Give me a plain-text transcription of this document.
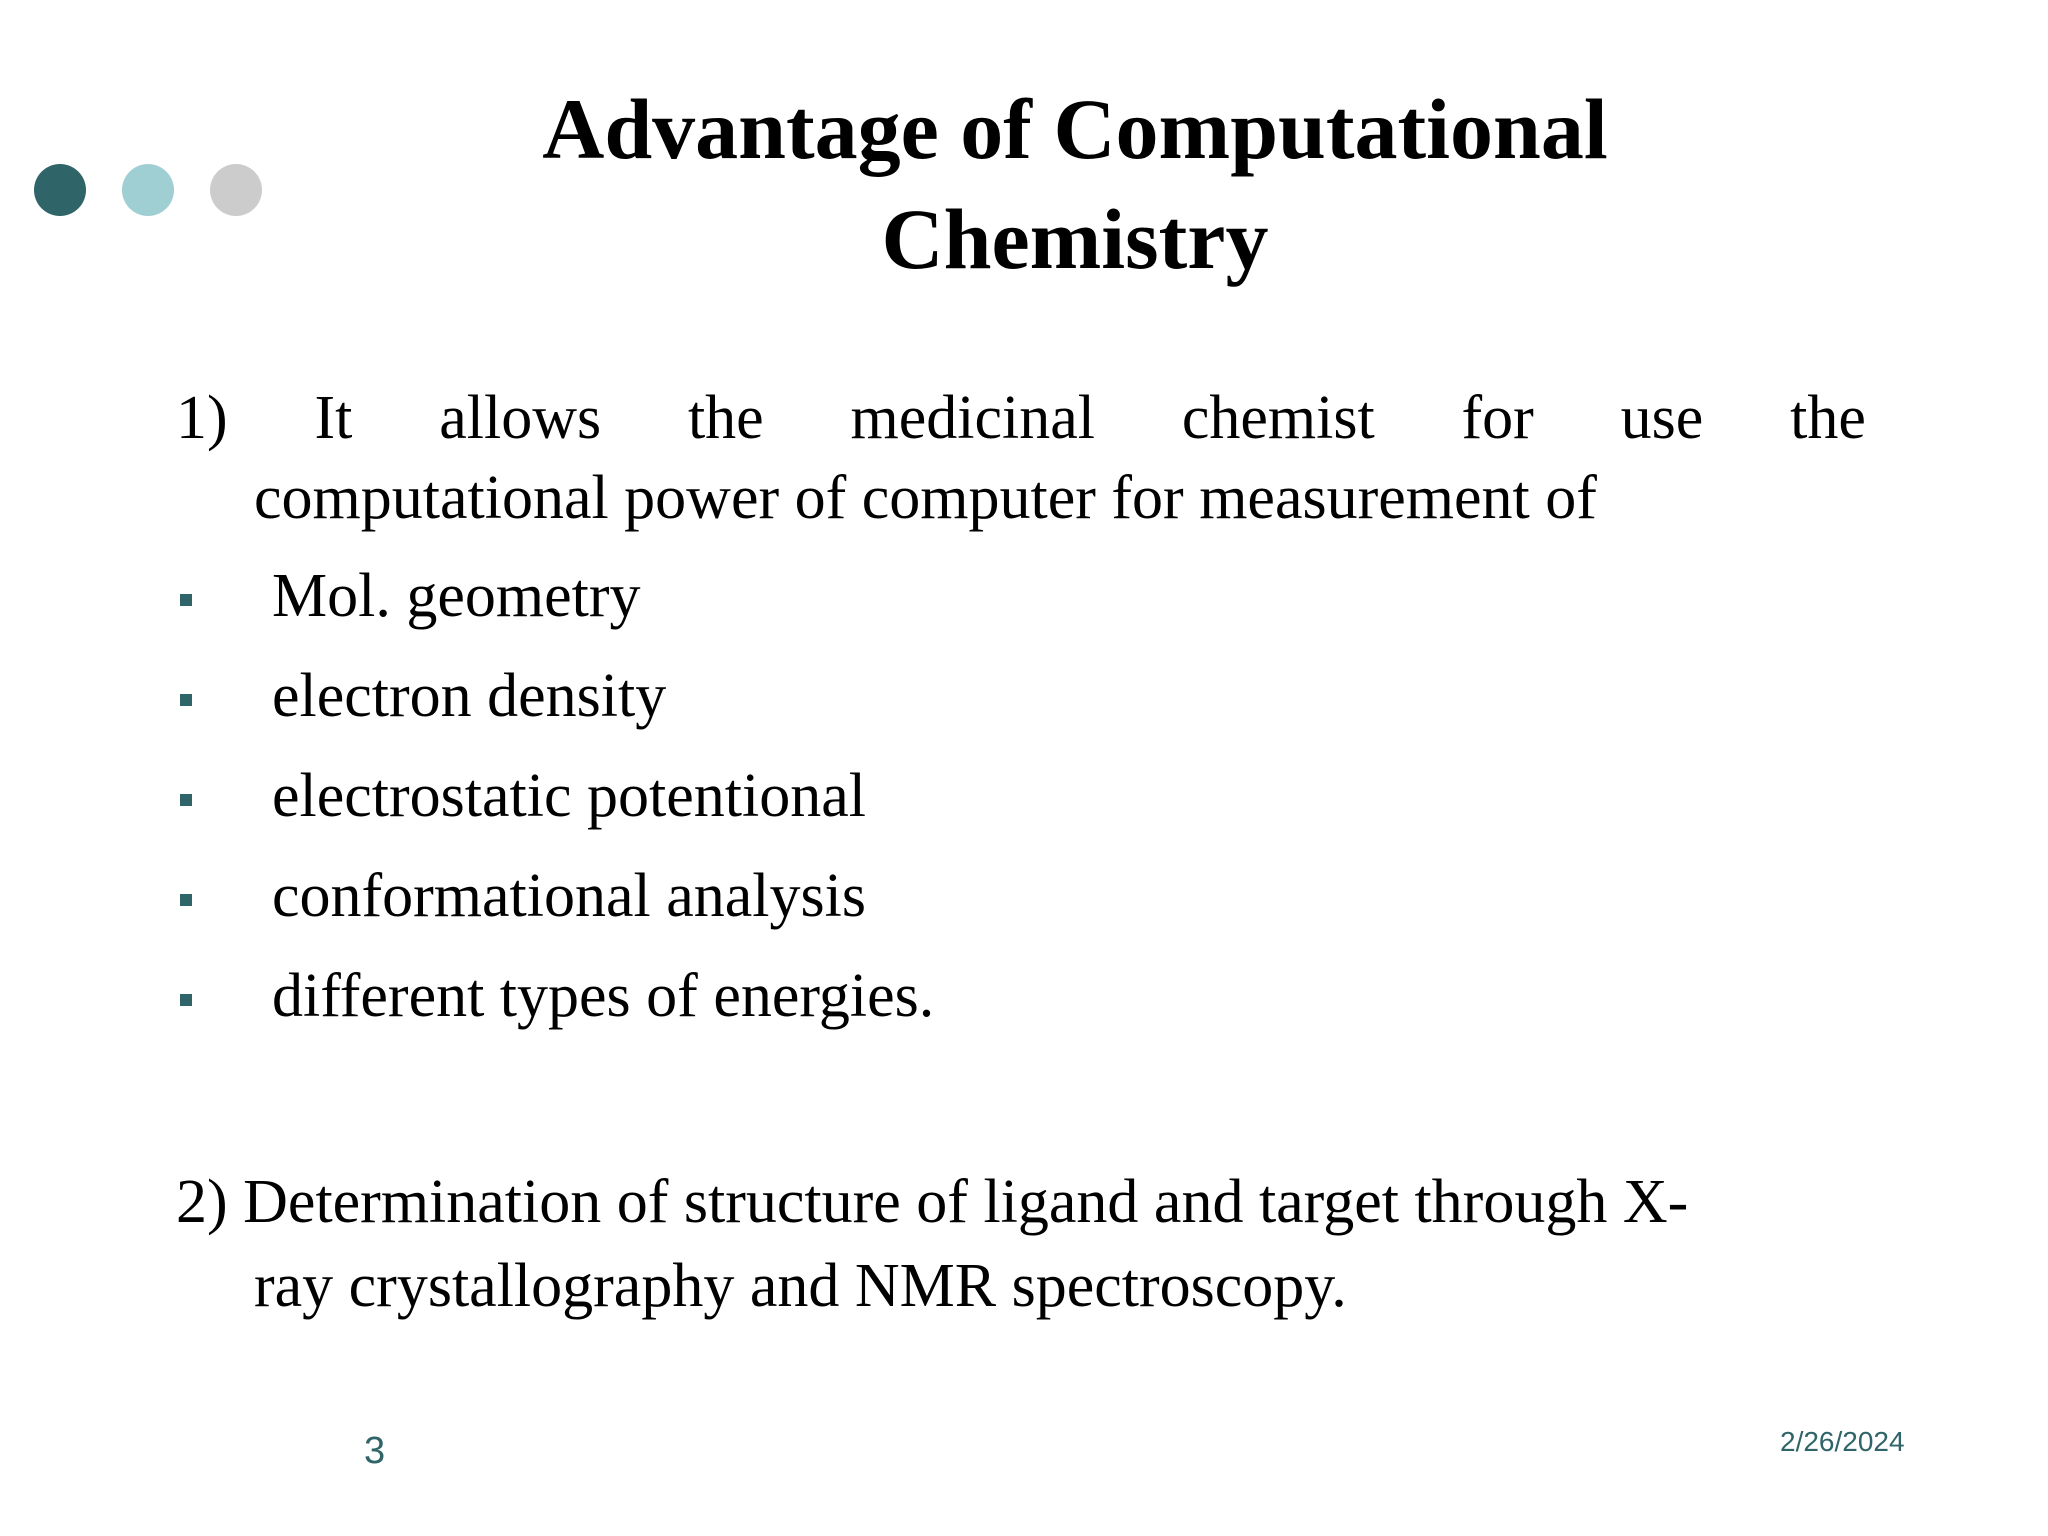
Advantage of Computational
Chemistry
1) It allows the medicinal chemist for use the
computational power of computer for measurement of
Mol. geometry
electron density
electrostatic potentional
conformational analysis
different types of energies.
2) Determination of structure of ligand and target through X-

ray crystallography and NMR spectroscopy.
3	2/26/2024
